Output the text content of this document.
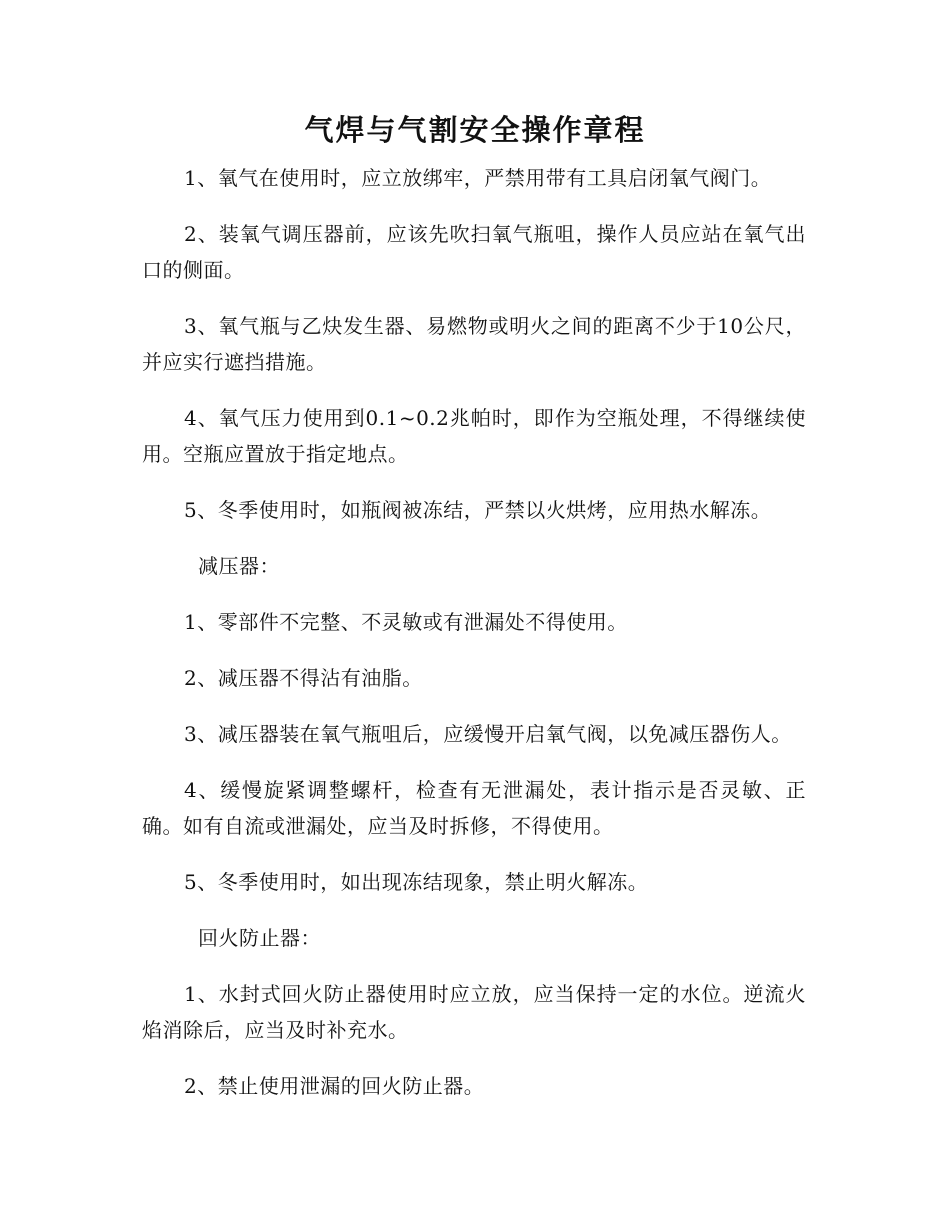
气焊与气割安全操作章程

1、氧气在使用时，应立放绑牢，严禁用带有工具启闭氧气阀门。

2、装氧气调压器前，应该先吹扫氧气瓶咀，操作人员应站在氧气出口的侧面。

3、氧气瓶与乙炔发生器、易燃物或明火之间的距离不少于10公尺，并应实行遮挡措施。

4、氧气压力使用到0.1~0.2兆帕时，即作为空瓶处理，不得继续使用。空瓶应置放于指定地点。

5、冬季使用时，如瓶阀被冻结，严禁以火烘烤，应用热水解冻。

减压器：

1、零部件不完整、不灵敏或有泄漏处不得使用。

2、减压器不得沾有油脂。

3、减压器装在氧气瓶咀后，应缓慢开启氧气阀，以免减压器伤人。

4、缓慢旋紧调整螺杆，检查有无泄漏处，表计指示是否灵敏、正确。如有自流或泄漏处，应当及时拆修，不得使用。

5、冬季使用时，如出现冻结现象，禁止明火解冻。

回火防止器：

1、水封式回火防止器使用时应立放，应当保持一定的水位。逆流火焰消除后，应当及时补充水。

2、禁止使用泄漏的回火防止器。
